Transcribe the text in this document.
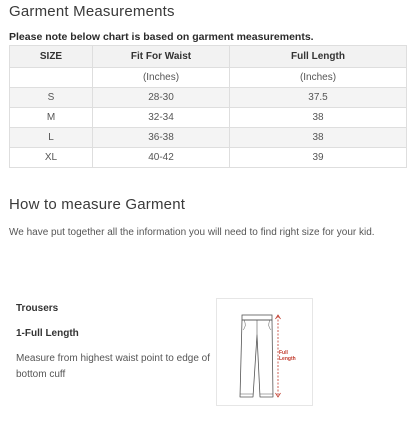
Garment Measurements
Please note below chart is based on garment measurements.
SIZE	Fit For Waist	Full Length
	(Inches)	(Inches)
S	28-30	37.5
M	32-34	38
L	36-38	38
XL	40-42	39
How to measure Garment
We have put together all the information you will need to find right size for your kid.
Trousers
1-Full Length
Measure from highest waist point to edge of bottom cuff
Full
Length
